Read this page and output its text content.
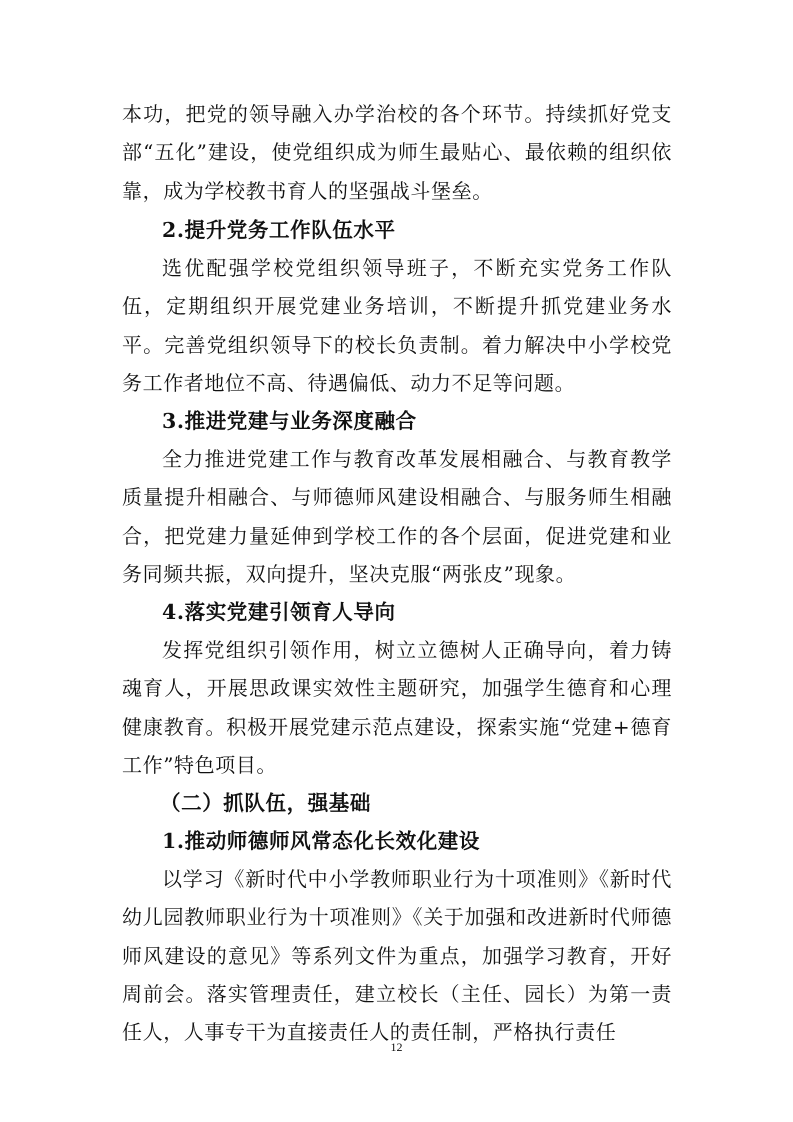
本功，把党的领导融入办学治校的各个环节。持续抓好党支部“五化”建设，使党组织成为师生最贴心、最依赖的组织依靠，成为学校教书育人的坚强战斗堡垒。

2.提升党务工作队伍水平

选优配强学校党组织领导班子，不断充实党务工作队伍，定期组织开展党建业务培训，不断提升抓党建业务水平。完善党组织领导下的校长负责制。着力解决中小学校党务工作者地位不高、待遇偏低、动力不足等问题。

3.推进党建与业务深度融合

全力推进党建工作与教育改革发展相融合、与教育教学质量提升相融合、与师德师风建设相融合、与服务师生相融合，把党建力量延伸到学校工作的各个层面，促进党建和业务同频共振，双向提升，坚决克服“两张皮”现象。

4.落实党建引领育人导向

发挥党组织引领作用，树立立德树人正确导向，着力铸魂育人，开展思政课实效性主题研究，加强学生德育和心理健康教育。积极开展党建示范点建设，探索实施“党建+德育工作”特色项目。

（二）抓队伍，强基础
1.推动师德师风常态化长效化建设

以学习《新时代中小学教师职业行为十项准则》《新时代幼儿园教师职业行为十项准则》《关于加强和改进新时代师德师风建设的意见》等系列文件为重点，加强学习教育，开好周前会。落实管理责任，建立校长（主任、园长）为第一责任人，人事专干为直接责任人的责任制，严格执行责任

12
